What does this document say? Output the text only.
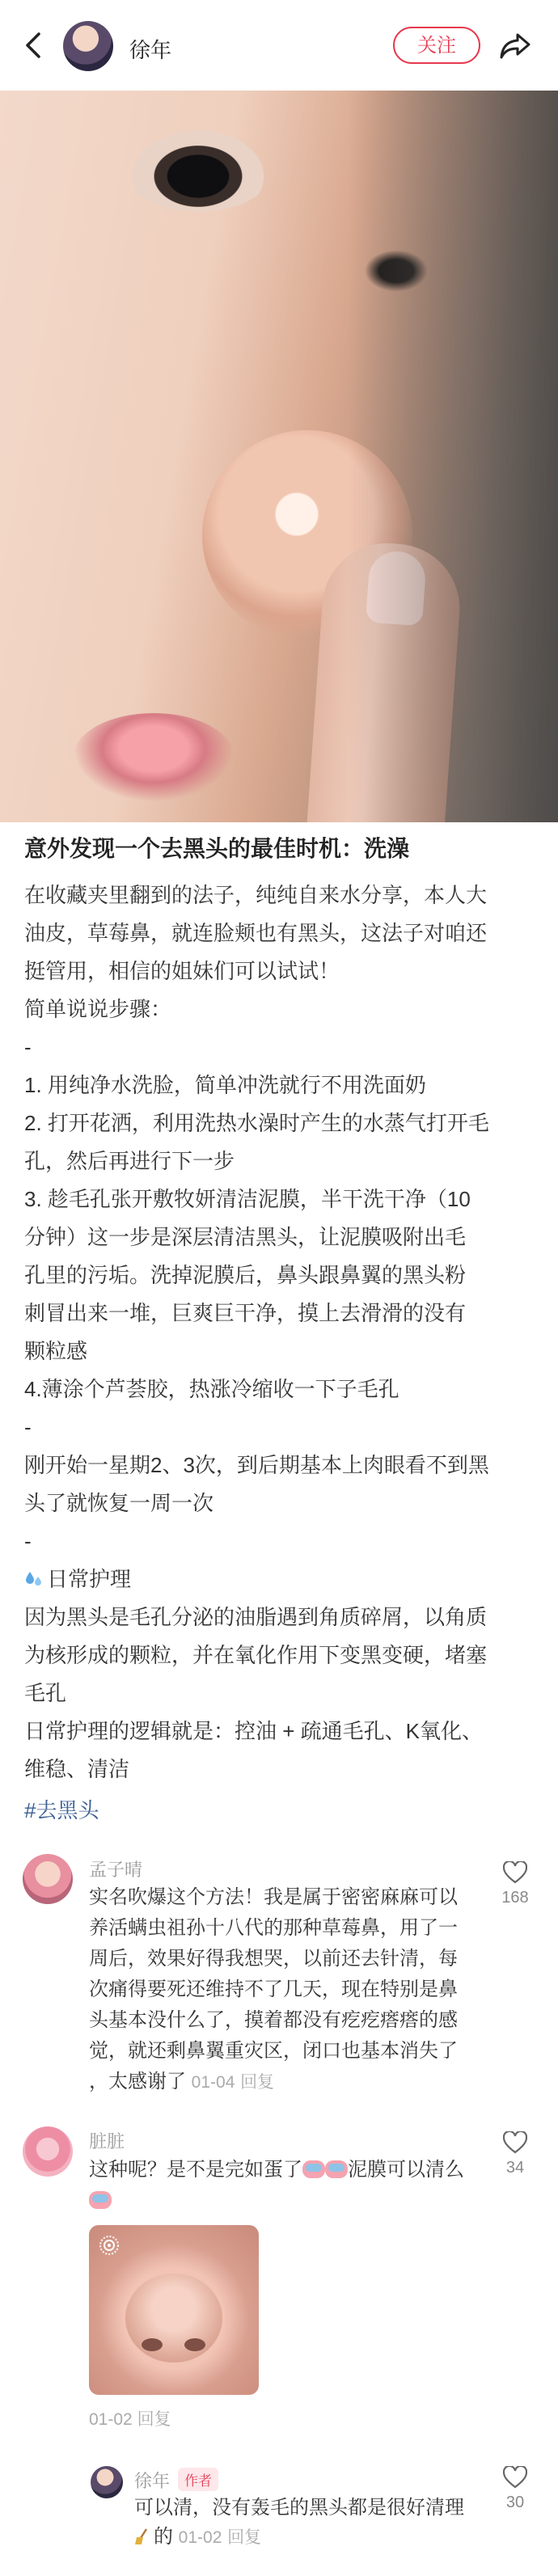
徐年	关注
意外发现一个去黑头的最佳时机：洗澡

在收藏夹里翻到的法子，纯纯自来水分享，本人大

油皮，草莓鼻，就连脸颊也有黑头，这法子对咱还

挺管用，相信的姐妹们可以试试！

简单说说步骤：

-

1. 用纯净水洗脸，简单冲洗就行不用洗面奶

2. 打开花洒，利用洗热水澡时产生的水蒸气打开毛

孔，然后再进行下一步

3. 趁毛孔张开敷牧妍清洁泥膜，半干洗干净（10

分钟）这一步是深层清洁黑头，让泥膜吸附出毛

孔里的污垢。洗掉泥膜后，鼻头跟鼻翼的黑头粉

刺冒出来一堆，巨爽巨干净，摸上去滑滑的没有

颗粒感

4.薄涂个芦荟胶，热涨冷缩收一下子毛孔

-

刚开始一星期2、3次，到后期基本上肉眼看不到黑

头了就恢复一周一次

-

日常护理

因为黑头是毛孔分泌的油脂遇到角质碎屑，以角质

为核形成的颗粒，并在氧化作用下变黑变硬，堵塞

毛孔

日常护理的逻辑就是：控油 + 疏通毛孔、K氧化、

维稳、清洁

#去黑头
孟子晴
实名吹爆这个方法！我是属于密密麻麻可以
养活螨虫祖孙十八代的那种草莓鼻，用了一
周后，效果好得我想哭，以前还去针清，每
次痛得要死还维持不了几天，现在特别是鼻
头基本没什么了，摸着都没有疙疙瘩瘩的感
觉，就还剩鼻翼重灾区，闭口也基本消失了
，太感谢了 01-04 回复
168
脏脏
这种呢？是不是完如蛋了 泥膜可以清么	34
01-02 回复
徐年 作者
可以清，没有轰毛的黑头都是很好清理
的 01-02 回复
30
